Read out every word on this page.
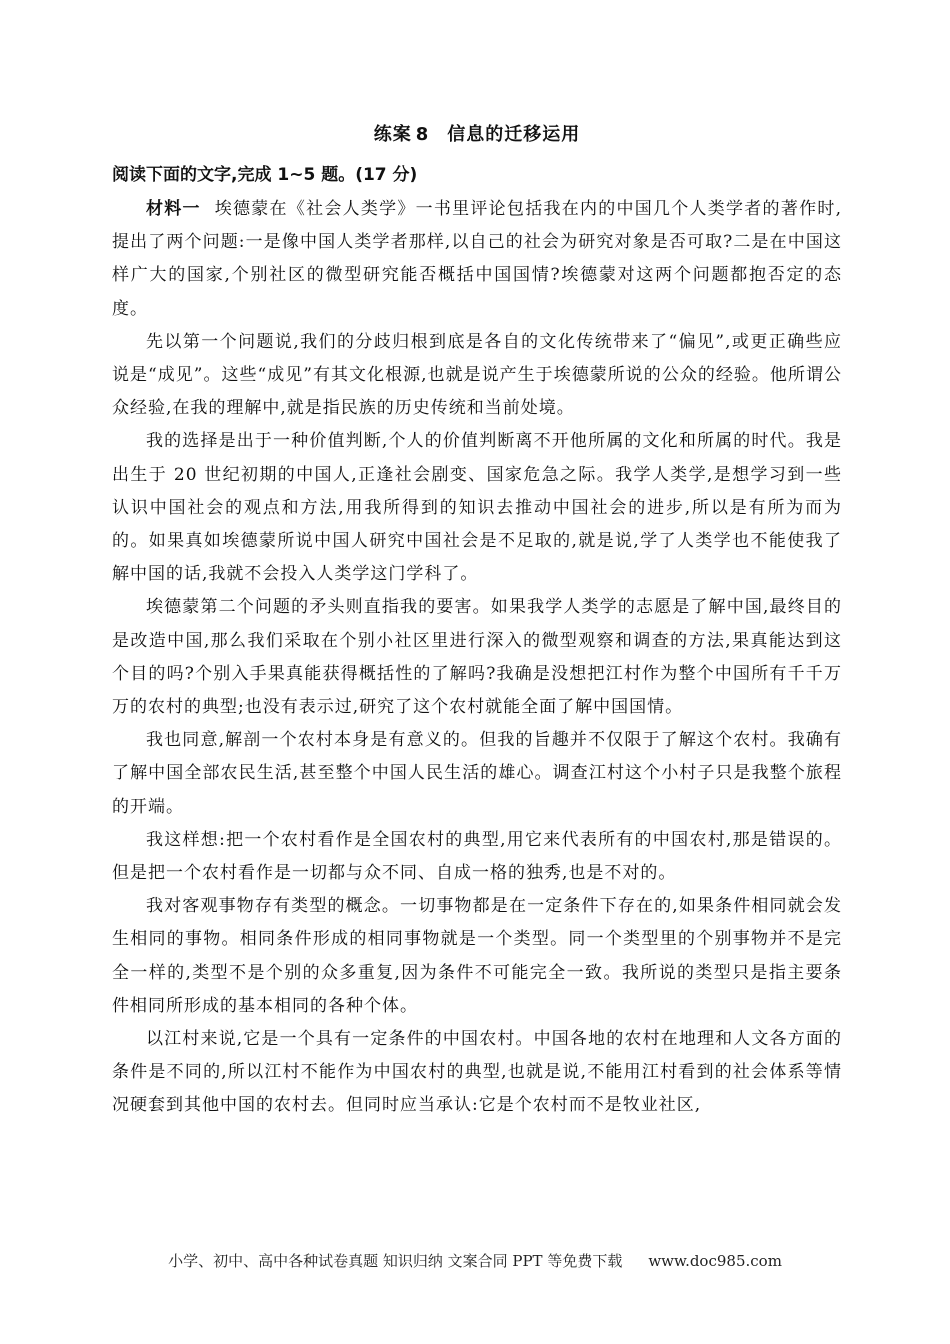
练案 8 信息的迁移运用
阅读下面的文字,完成 1~5 题。(17 分)

材料一 埃德蒙在《社会人类学》一书里评论包括我在内的中国几个人类学者的著作时,提出了两个问题:一是像中国人类学者那样,以自己的社会为研究对象是否可取?二是在中国这样广大的国家,个别社区的微型研究能否概括中国国情?埃德蒙对这两个问题都抱否定的态度。

先以第一个问题说,我们的分歧归根到底是各自的文化传统带来了“偏见”,或更正确些应说是“成见”。这些“成见”有其文化根源,也就是说产生于埃德蒙所说的公众的经验。他所谓公众经验,在我的理解中,就是指民族的历史传统和当前处境。

我的选择是出于一种价值判断,个人的价值判断离不开他所属的文化和所属的时代。我是出生于 20 世纪初期的中国人,正逢社会剧变、国家危急之际。我学人类学,是想学习到一些认识中国社会的观点和方法,用我所得到的知识去推动中国社会的进步,所以是有所为而为的。如果真如埃德蒙所说中国人研究中国社会是不足取的,就是说,学了人类学也不能使我了解中国的话,我就不会投入人类学这门学科了。

埃德蒙第二个问题的矛头则直指我的要害。如果我学人类学的志愿是了解中国,最终目的是改造中国,那么我们采取在个别小社区里进行深入的微型观察和调查的方法,果真能达到这个目的吗?个别入手果真能获得概括性的了解吗?我确是没想把江村作为整个中国所有千千万万的农村的典型;也没有表示过,研究了这个农村就能全面了解中国国情。

我也同意,解剖一个农村本身是有意义的。但我的旨趣并不仅限于了解这个农村。我确有了解中国全部农民生活,甚至整个中国人民生活的雄心。调查江村这个小村子只是我整个旅程的开端。

我这样想:把一个农村看作是全国农村的典型,用它来代表所有的中国农村,那是错误的。但是把一个农村看作是一切都与众不同、自成一格的独秀,也是不对的。

我对客观事物存有类型的概念。一切事物都是在一定条件下存在的,如果条件相同就会发生相同的事物。相同条件形成的相同事物就是一个类型。同一个类型里的个别事物并不是完全一样的,类型不是个别的众多重复,因为条件不可能完全一致。我所说的类型只是指主要条件相同所形成的基本相同的各种个体。

以江村来说,它是一个具有一定条件的中国农村。中国各地的农村在地理和人文各方面的条件是不同的,所以江村不能作为中国农村的典型,也就是说,不能用江村看到的社会体系等情况硬套到其他中国的农村去。但同时应当承认:它是个农村而不是牧业社区,

小学、初中、高中各种试卷真题 知识归纳 文案合同 PPT 等免费下载 www.doc985.com
